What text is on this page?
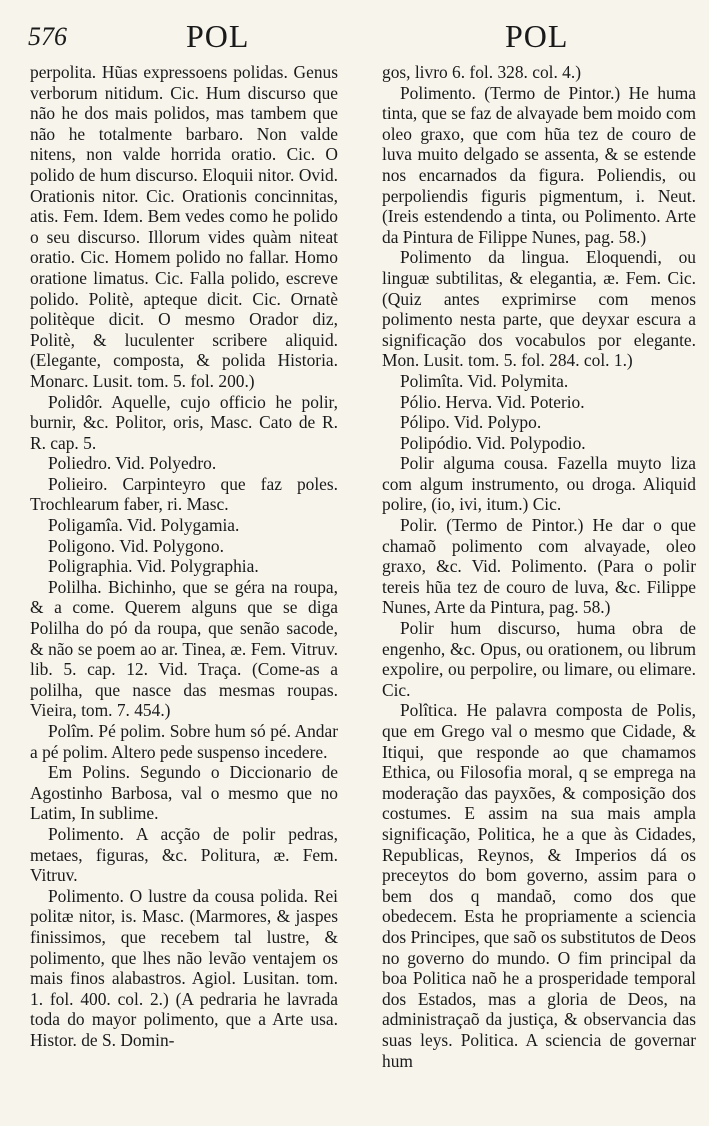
576	POL	POL

perpolita. Hũas expressoens polidas. Genus verborum nitidum. Cic. Hum discurso que não he dos mais polidos, mas tambem que não he totalmente barbaro. Non valde nitens, non valde horrida oratio. Cic. O polido de hum discurso. Eloquii nitor. Ovid. Orationis nitor. Cic. Orationis concinnitas, atis. Fem. Idem. Bem vedes como he polido o seu discurso. Illorum vides quàm niteat oratio. Cic. Homem polido no fallar. Homo oratione limatus. Cic. Falla polido, escreve polido. Politè, apteque dicit. Cic. Ornatè politèque dicit. O mesmo Orador diz, Politè, & luculenter scribere aliquid. (Elegante, composta, & polida Historia. Monarc. Lusit. tom. 5. fol. 200.)

Polidôr. Aquelle, cujo officio he polir, burnir, &c. Politor, oris, Masc. Cato de R. R. cap. 5.

Poliedro. Vid. Polyedro.

Polieiro. Carpinteyro que faz poles. Trochlearum faber, ri. Masc.

Poligamîa. Vid. Polygamia.

Poligono. Vid. Polygono.

Poligraphia. Vid. Polygraphia.

Polilha. Bichinho, que se géra na roupa, & a come. Querem alguns que se diga Polilha do pó da roupa, que senão sacode, & não se poem ao ar. Tinea, æ. Fem. Vitruv. lib. 5. cap. 12. Vid. Traça. (Come-as a polilha, que nasce das mesmas roupas. Vieira, tom. 7. 454.)

Polîm. Pé polim. Sobre hum só pé. Andar a pé polim. Altero pede suspenso incedere.

Em Polins. Segundo o Diccionario de Agostinho Barbosa, val o mesmo que no Latim, In sublime.

Polimento. A acção de polir pedras, metaes, figuras, &c. Politura, æ. Fem. Vitruv.

Polimento. O lustre da cousa polida. Rei politæ nitor, is. Masc. (Marmores, & jaspes finissimos, que recebem tal lustre, & polimento, que lhes não levão ventajem os mais finos alabastros. Agiol. Lusitan. tom. 1. fol. 400. col. 2.) (A pedraria he lavrada toda do mayor polimento, que a Arte usa. Histor. de S. Domin-

gos, livro 6. fol. 328. col. 4.)

Polimento. (Termo de Pintor.) He huma tinta, que se faz de alvayade bem moido com oleo graxo, que com hũa tez de couro de luva muito delgado se assenta, & se estende nos encarnados da figura. Poliendis, ou perpoliendis figuris pigmentum, i. Neut. (Ireis estendendo a tinta, ou Polimento. Arte da Pintura de Filippe Nunes, pag. 58.)

Polimento da lingua. Eloquendi, ou linguæ subtilitas, & elegantia, æ. Fem. Cic. (Quiz antes exprimirse com menos polimento nesta parte, que deyxar escura a significação dos vocabulos por elegante. Mon. Lusit. tom. 5. fol. 284. col. 1.)

Polimîta. Vid. Polymita.

Pólio. Herva. Vid. Poterio.

Pólipo. Vid. Polypo.

Polipódio. Vid. Polypodio.

Polir alguma cousa. Fazella muyto liza com algum instrumento, ou droga. Aliquid polire, (io, ivi, itum.) Cic.

Polir. (Termo de Pintor.) He dar o que chamaõ polimento com alvayade, oleo graxo, &c. Vid. Polimento. (Para o polir tereis hũa tez de couro de luva, &c. Filippe Nunes, Arte da Pintura, pag. 58.)

Polir hum discurso, huma obra de engenho, &c. Opus, ou orationem, ou librum expolire, ou perpolire, ou limare, ou elimare. Cic.

Polîtica. He palavra composta de Polis, que em Grego val o mesmo que Cidade, & Itiqui, que responde ao que chamamos Ethica, ou Filosofia moral, q se emprega na moderação das payxões, & composição dos costumes. E assim na sua mais ampla significação, Politica, he a que às Cidades, Republicas, Reynos, & Imperios dá os preceytos do bom governo, assim para o bem dos q mandaõ, como dos que obedecem. Esta he propriamente a sciencia dos Principes, que saõ os substitutos de Deos no governo do mundo. O fim principal da boa Politica naõ he a prosperidade temporal dos Estados, mas a gloria de Deos, na administraçaõ da justiça, & observancia das suas leys. Politica. A sciencia de governar hum
